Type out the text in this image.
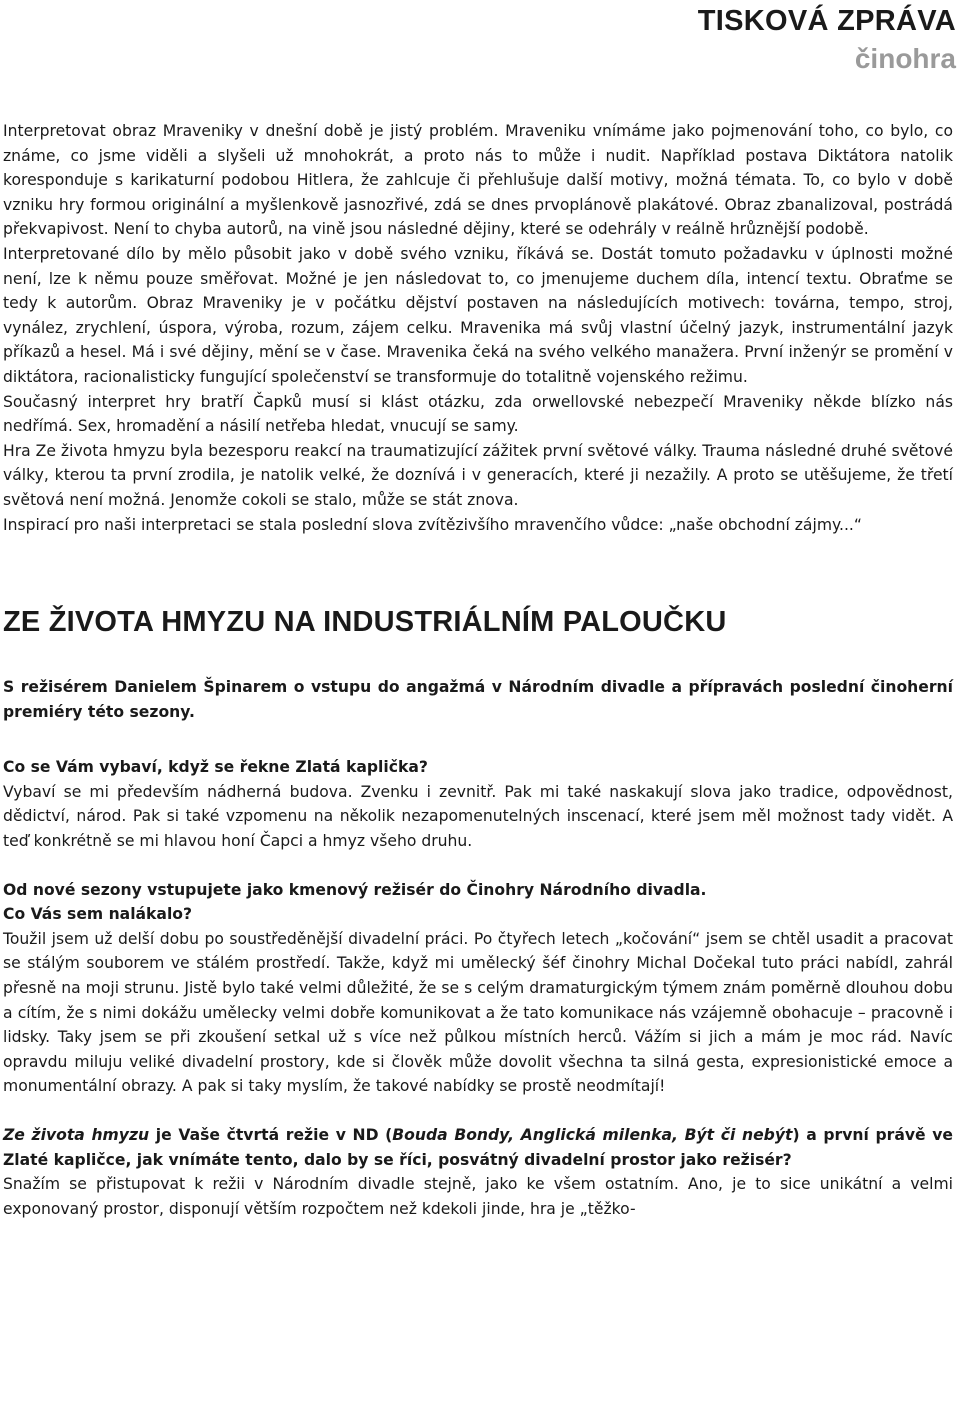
TISKOVÁ ZPRÁVA
činohra

Interpretovat obraz Mraveniky v dnešní době je jistý problém. Mraveniku vnímáme jako pojmenování toho, co bylo, co známe, co jsme viděli a slyšeli už mnohokrát, a proto nás to může i nudit. Například postava Diktátora natolik koresponduje s karikaturní podobou Hitlera, že zahlcuje či přehlušuje další motivy, možná témata. To, co bylo v době vzniku hry formou originální a myšlenkově jasnozřivé, zdá se dnes prvoplánově plakátové. Obraz zbanalizoval, postrádá překvapivost. Není to chyba autorů, na vině jsou následné dějiny, které se odehrály v reálně hrůznější podobě.

Interpretované dílo by mělo působit jako v době svého vzniku, říkává se. Dostát tomuto požadavku v úplnosti možné není, lze k němu pouze směřovat. Možné je jen následovat to, co jmenujeme duchem díla, intencí textu. Obraťme se tedy k autorům. Obraz Mraveniky je v počátku dějství postaven na následujících motivech: továrna, tempo, stroj, vynález, zrychlení, úspora, výroba, rozum, zájem celku. Mravenika má svůj vlastní účelný jazyk, instrumentální jazyk příkazů a hesel. Má i své dějiny, mění se v čase. Mravenika čeká na svého velkého manažera. První inženýr se promění v diktátora, racionalisticky fungující společenství se transformuje do totalitně vojenského režimu.

Současný interpret hry bratří Čapků musí si klást otázku, zda orwellovské nebezpečí Mraveniky někde blízko nás nedřímá. Sex, hromadění a násilí netřeba hledat, vnucují se samy.

Hra Ze života hmyzu byla bezesporu reakcí na traumatizující zážitek první světové války. Trauma následné druhé světové války, kterou ta první zrodila, je natolik velké, že doznívá i v generacích, které ji nezažily. A proto se utěšujeme, že třetí světová není možná. Jenomže cokoli se stalo, může se stát znova.

Inspirací pro naši interpretaci se stala poslední slova zvítězivšího mravenčího vůdce: „naše obchodní zájmy...“

ZE ŽIVOTA HMYZU NA INDUSTRIÁLNÍM PALOUČKU

S režisérem Danielem Špinarem o vstupu do angažmá v Národním divadle a přípravách poslední činoherní premiéry této sezony.

Co se Vám vybaví, když se řekne Zlatá kaplička?

Vybaví se mi především nádherná budova. Zvenku i zevnitř. Pak mi také naskakují slova jako tradice, odpovědnost, dědictví, národ. Pak si také vzpomenu na několik nezapomenutelných inscenací, které jsem měl možnost tady vidět. A teď konkrétně se mi hlavou honí Čapci a hmyz všeho druhu.

Od nové sezony vstupujete jako kmenový režisér do Činohry Národního divadla.

Co Vás sem nalákalo?

Toužil jsem už delší dobu po soustředěnější divadelní práci. Po čtyřech letech „kočování“ jsem se chtěl usadit a pracovat se stálým souborem ve stálém prostředí. Takže, když mi umělecký šéf činohry Michal Dočekal tuto práci nabídl, zahrál přesně na moji strunu. Jistě bylo také velmi důležité, že se s celým dramaturgickým týmem znám poměrně dlouhou dobu a cítím, že s nimi dokážu umělecky velmi dobře komunikovat a že tato komunikace nás vzájemně obohacuje – pracovně i lidsky. Taky jsem se při zkoušení setkal už s více než půlkou místních herců. Vážím si jich a mám je moc rád. Navíc opravdu miluju veliké divadelní prostory, kde si člověk může dovolit všechna ta silná gesta, expresionistické emoce a monumentální obrazy. A pak si taky myslím, že takové nabídky se prostě neodmítají!

Ze života hmyzu je Vaše čtvrtá režie v ND (Bouda Bondy, Anglická milenka, Být či nebýt) a první právě ve Zlaté kapličce, jak vnímáte tento, dalo by se říci, posvátný divadelní prostor jako režisér?

Snažím se přistupovat k režii v Národním divadle stejně, jako ke všem ostatním. Ano, je to sice unikátní a velmi exponovaný prostor, disponují větším rozpočtem než kdekoli jinde, hra je „těžko-
